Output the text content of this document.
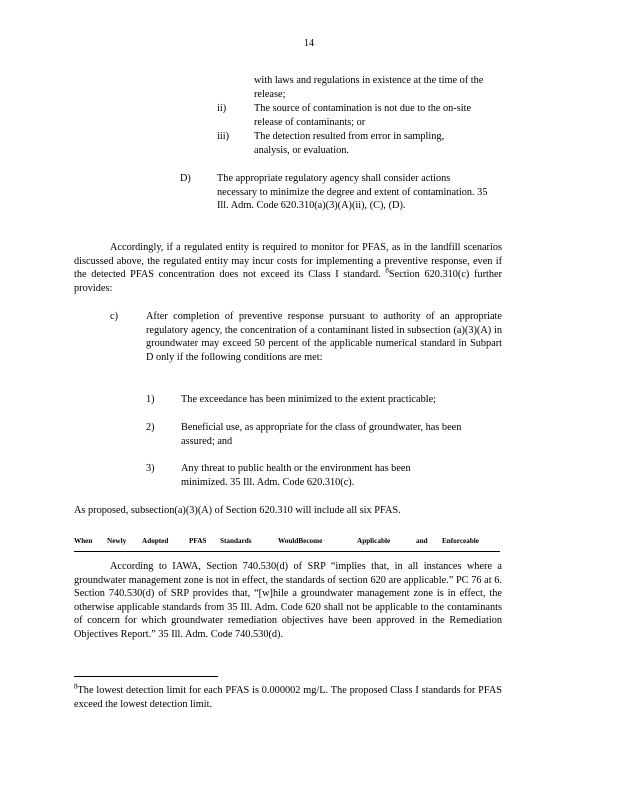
14
with laws and regulations in existence at the time of the release;
ii)	The source of contamination is not due to the on-site release of contaminants; or
iii) The detection resulted from error in sampling, analysis, or evaluation.
D)	The appropriate regulatory agency shall consider actions necessary to minimize the degree and extent of contamination. 35 Ill. Adm. Code 620.310(a)(3)(A)(ii), (C), (D).
Accordingly, if a regulated entity is required to monitor for PFAS, as in the landfill scenarios discussed above, the regulated entity may incur costs for implementing a preventive response, even if the detected PFAS concentration does not exceed its Class I standard. $^8$Section 620.310(c) further provides:
c)	After completion of preventive response pursuant to authority of an appropriate regulatory agency, the concentration of a contaminant listed in subsection (a)(3)(A) in groundwater may exceed 50 percent of the applicable numerical standard in Subpart D only if the following conditions are met:
1)	The exceedance has been minimized to the extent practicable;
2)	Beneficial use, as appropriate for the class of groundwater, has been assured; and
3)	Any threat to public health or the environment has been minimized. 35 Ill. Adm. Code 620.310(c).
As proposed, subsection(a)(3)(A) of Section 620.310 will include all six PFAS.
When Newly Adopted	PFAS Standards	WouldBecome	Applicable	and Enforceable
According to IAWA, Section 740.530(d) of SRP “implies that, in all instances where a groundwater management zone is not in effect, the standards of section 620 are applicable.” PC 76 at 6. Section 740.530(d) of SRP provides that, “[w]hile a groundwater management zone is in effect, the otherwise applicable standards from 35 Ill. Adm. Code 620 shall not be applicable to the contaminants of concern for which groundwater remediation objectives have been approved in the Remediation Objectives Report.” 35 Ill. Adm. Code 740.530(d).
$^8$The lowest detection limit for each PFAS is 0.000002 mg/L. The proposed Class I standards for PFAS exceed the lowest detection limit.
